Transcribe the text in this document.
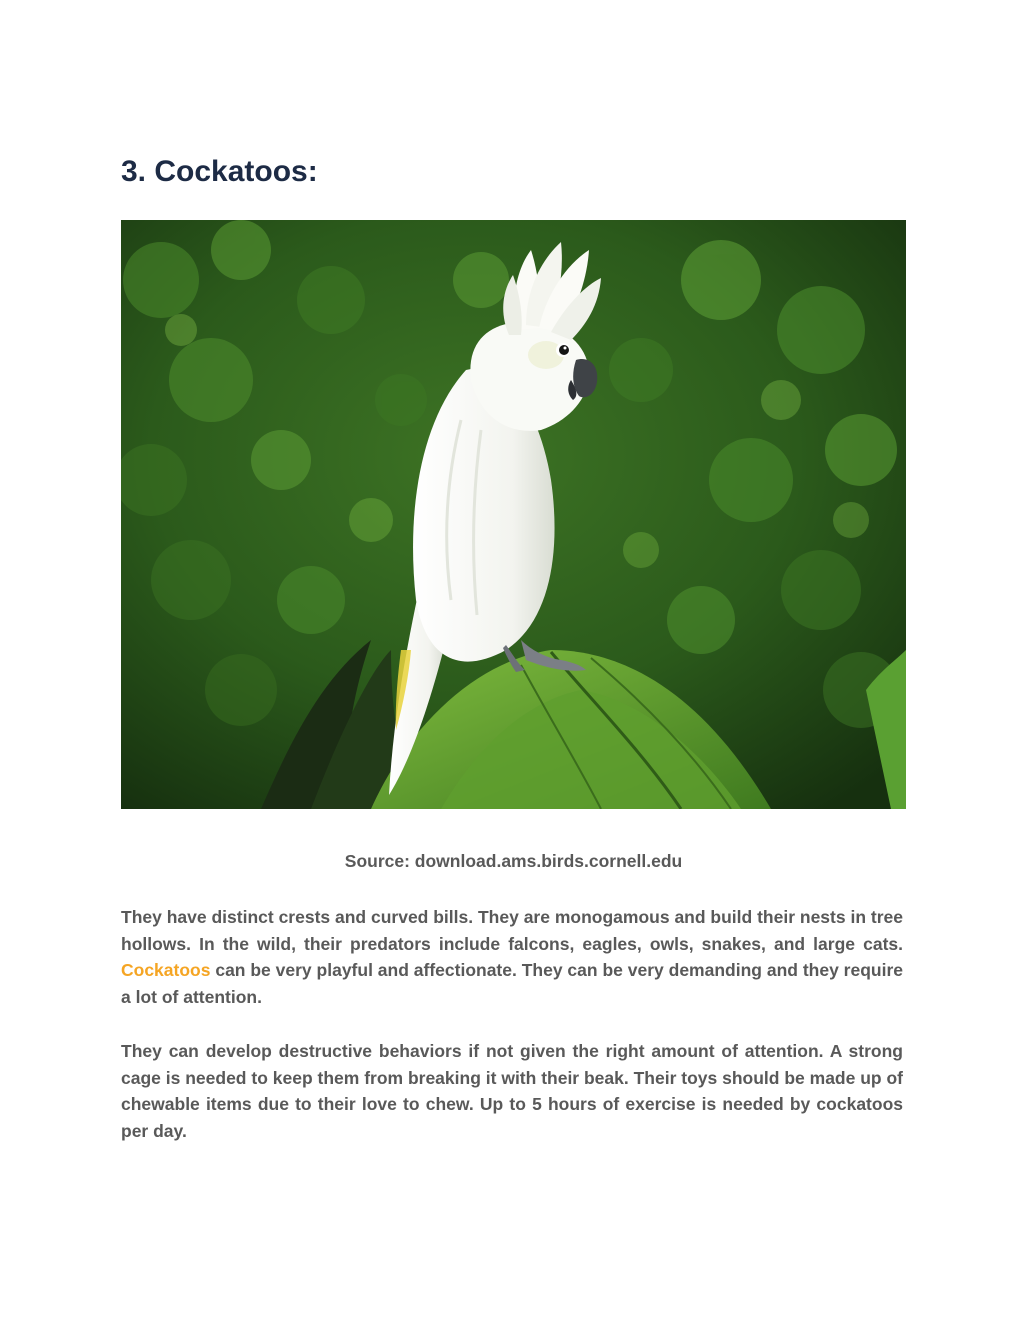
3. Cockatoos:

Source: download.ams.birds.cornell.edu

They have distinct crests and curved bills. They are monogamous and build their nests in tree hollows. In the wild, their predators include falcons, eagles, owls, snakes, and large cats. Cockatoos can be very playful and affectionate. They can be very demanding and they require a lot of attention.

They can develop destructive behaviors if not given the right amount of attention. A strong cage is needed to keep them from breaking it with their beak. Their toys should be made up of chewable items due to their love to chew. Up to 5 hours of exercise is needed by cockatoos per day.
